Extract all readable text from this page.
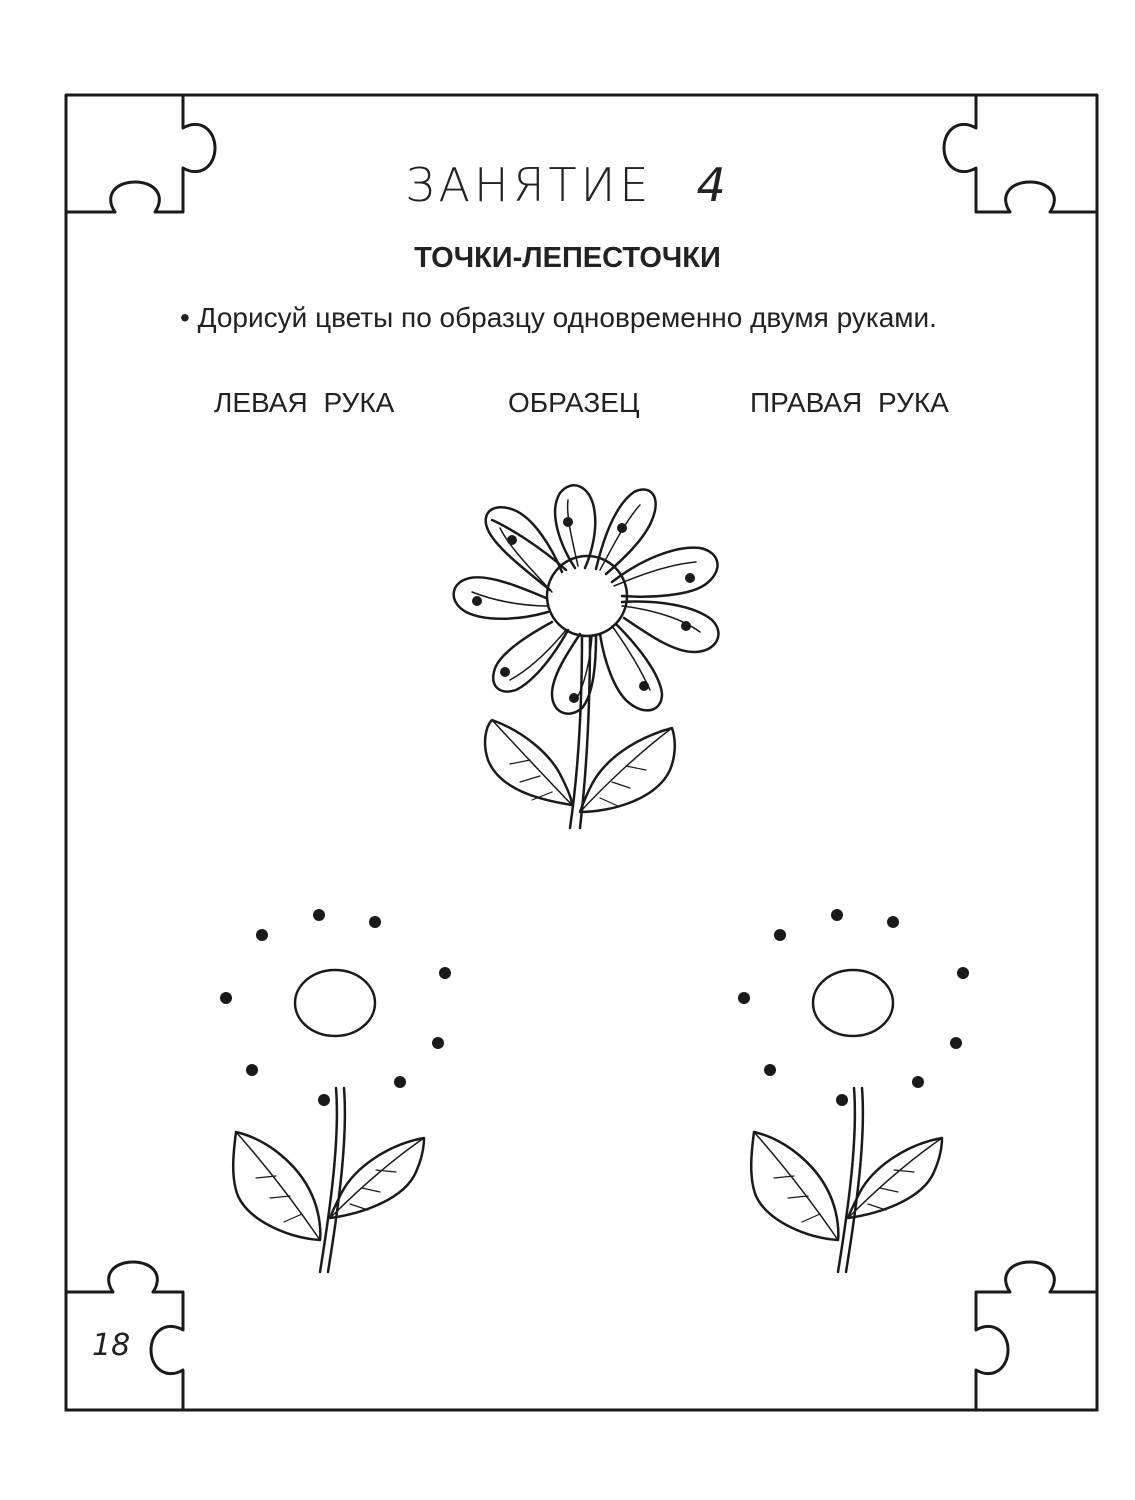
ЗАНЯТИЕ 4
ТОЧКИ-ЛЕПЕСТОЧКИ
• Дорисуй цветы по образцу одновременно двумя руками.
ЛЕВАЯ РУКА	ОБРАЗЕЦ	ПРАВАЯ РУКА
18
